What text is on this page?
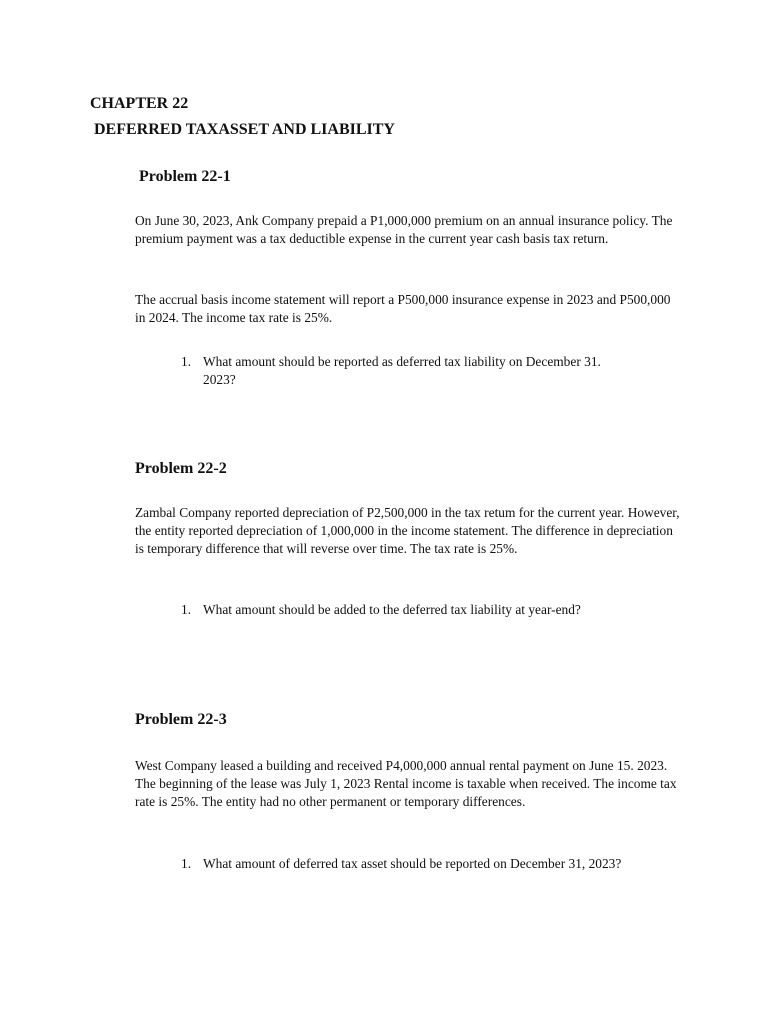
CHAPTER 22
DEFERRED TAXASSET AND LIABILITY
Problem 22-1

On June 30, 2023, Ank Company prepaid a P1,000,000 premium on an annual insurance policy. The premium payment was a tax deductible expense in the current year cash basis tax return.

The accrual basis income statement will report a P500,000 insurance expense in 2023 and P500,000 in 2024. The income tax rate is 25%.

1. What amount should be reported as deferred tax liability on December 31.
2023?
Problem 22-2

Zambal Company reported depreciation of P2,500,000 in the tax retum for the current year. However, the entity reported depreciation of 1,000,000 in the income statement. The difference in depreciation is temporary difference that will reverse over time. The tax rate is 25%.

1. What amount should be added to the deferred tax liability at year-end?
Problem 22-3

West Company leased a building and received P4,000,000 annual rental payment on June 15. 2023. The beginning of the lease was July 1, 2023 Rental income is taxable when received. The income tax rate is 25%. The entity had no other permanent or temporary differences.

1. What amount of deferred tax asset should be reported on December 31, 2023?
